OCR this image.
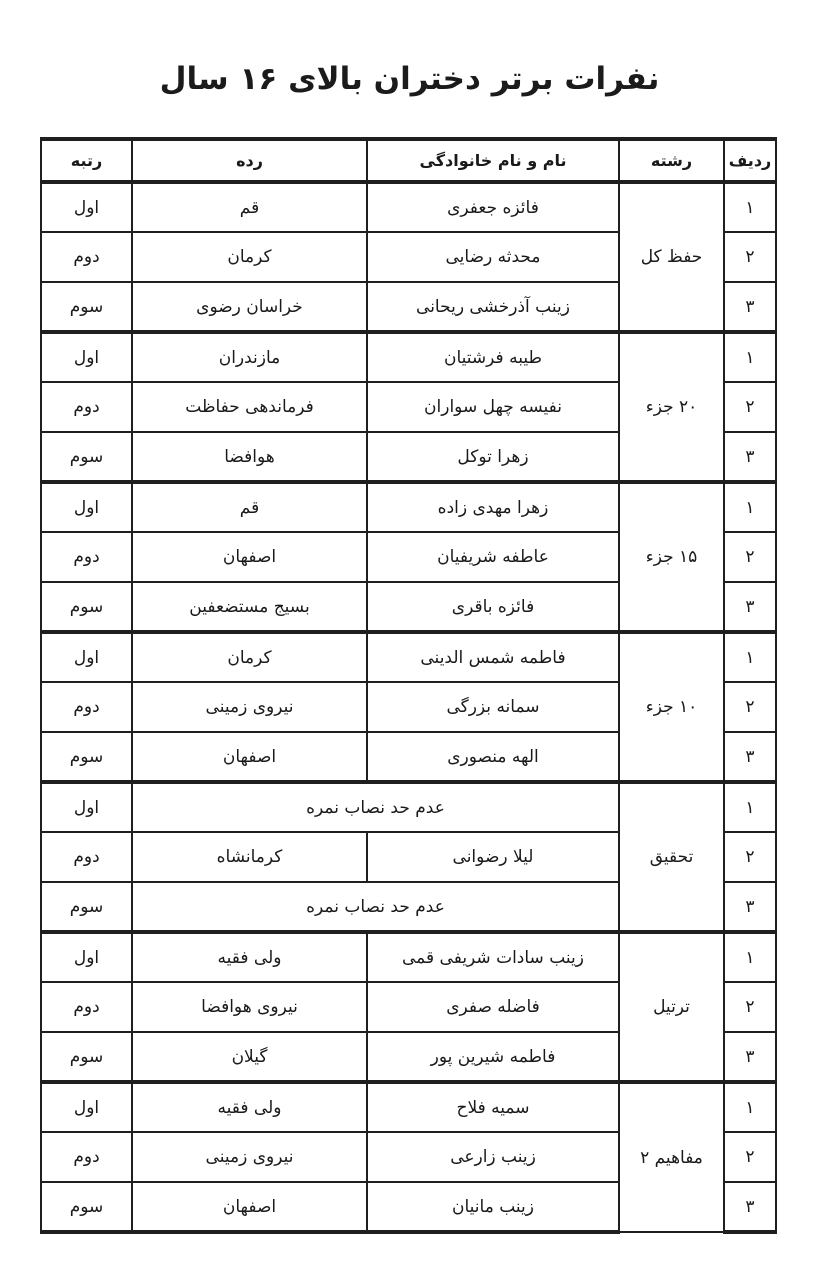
نفرات برتر دختران بالای ۱۶ سال
ردیف	رشته	نام و نام خانوادگی	رده	رتبه
۱	حفظ کل	فائزه جعفری	قم	اول
۲		محدثه رضایی	کرمان	دوم
۳		زینب آذرخشی ریحانی	خراسان رضوی	سوم
۱	۲۰ جزء	طیبه فرشتیان	مازندران	اول
۲		نفیسه چهل سواران	فرماندهی حفاظت	دوم
۳		زهرا توکل	هوافضا	سوم
۱	۱۵ جزء	زهرا مهدی زاده	قم	اول
۲		عاطفه شریفیان	اصفهان	دوم
۳		فائزه باقری	بسیج مستضعفین	سوم
۱	۱۰ جزء	فاطمه شمس الدینی	کرمان	اول
۲		سمانه بزرگی	نیروی زمینی	دوم
۳		الهه منصوری	اصفهان	سوم
۱	تحقیق	عدم حد نصاب نمره		اول
۲		لیلا رضوانی	کرمانشاه	دوم
۳		عدم حد نصاب نمره		سوم
۱	ترتیل	زینب سادات شریفی قمی	ولی فقیه	اول
۲		فاضله صفری	نیروی هوافضا	دوم
۳		فاطمه شیرین پور	گیلان	سوم
۱	مفاهیم ۲	سمیه فلاح	ولی فقیه	اول
۲		زینب زارعی	نیروی زمینی	دوم
۳		زینب مانیان	اصفهان	سوم
